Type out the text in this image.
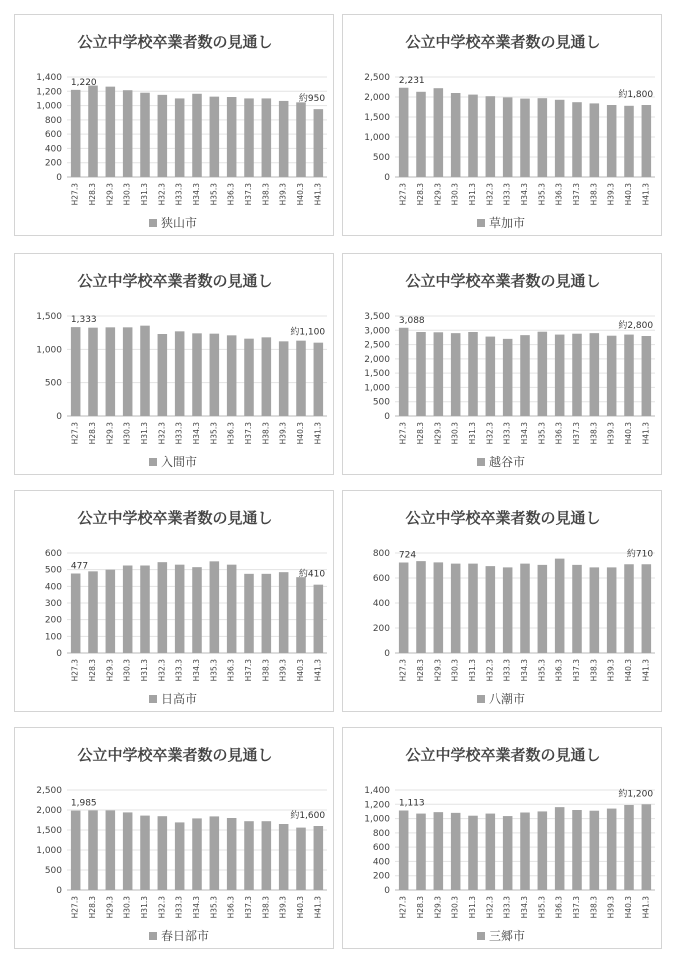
公立中学校卒業者数の見通し
0
200
400
600
800
1,000
1,200
1,400
H27.3 H28.3 H29.3 H30.3 H31.3 H32.3 H33.3 H34.3 H35.3 H36.3 H37.3 H38.3 H39.3 H40.3 H41.3
1,220
約950
狭山市
公立中学校卒業者数の見通し
0
500
1,000
1,500
2,000
2,500
H27.3 H28.3 H29.3 H30.3 H31.3 H32.3 H33.3 H34.3 H35.3 H36.3 H37.3 H38.3 H39.3 H40.3 H41.3
2,231
約1,800
草加市
公立中学校卒業者数の見通し
0
500
1,000
1,500
H27.3 H28.3 H29.3 H30.3 H31.3 H32.3 H33.3 H34.3 H35.3 H36.3 H37.3 H38.3 H39.3 H40.3 H41.3
1,333
約1,100
入間市
公立中学校卒業者数の見通し
0
500
1,000
1,500
2,000
2,500
3,000
3,500
H27.3 H28.3 H29.3 H30.3 H31.3 H32.3 H33.3 H34.3 H35.3 H36.3 H37.3 H38.3 H39.3 H40.3 H41.3
3,088
約2,800
越谷市
公立中学校卒業者数の見通し
0
100
200
300
400
500
600
H27.3 H28.3 H29.3 H30.3 H31.3 H32.3 H33.3 H34.3 H35.3 H36.3 H37.3 H38.3 H39.3 H40.3 H41.3
477
約410
日高市
公立中学校卒業者数の見通し
0
200
400
600
800
H27.3 H28.3 H29.3 H30.3 H31.3 H32.3 H33.3 H34.3 H35.3 H36.3 H37.3 H38.3 H39.3 H40.3 H41.3
724	約710
八潮市
公立中学校卒業者数の見通し
0
500
1,000
1,500
2,000
2,500
H27.3 H28.3 H29.3 H30.3 H31.3 H32.3 H33.3 H34.3 H35.3 H36.3 H37.3 H38.3 H39.3 H40.3 H41.3
1,985
約1,600
春日部市
公立中学校卒業者数の見通し
0
200
400
600
800
1,000
1,200
1,400
H27.3 H28.3 H29.3 H30.3 H31.3 H32.3 H33.3 H34.3 H35.3 H36.3 H37.3 H38.3 H39.3 H40.3 H41.3
1,113
約1,200
三郷市
